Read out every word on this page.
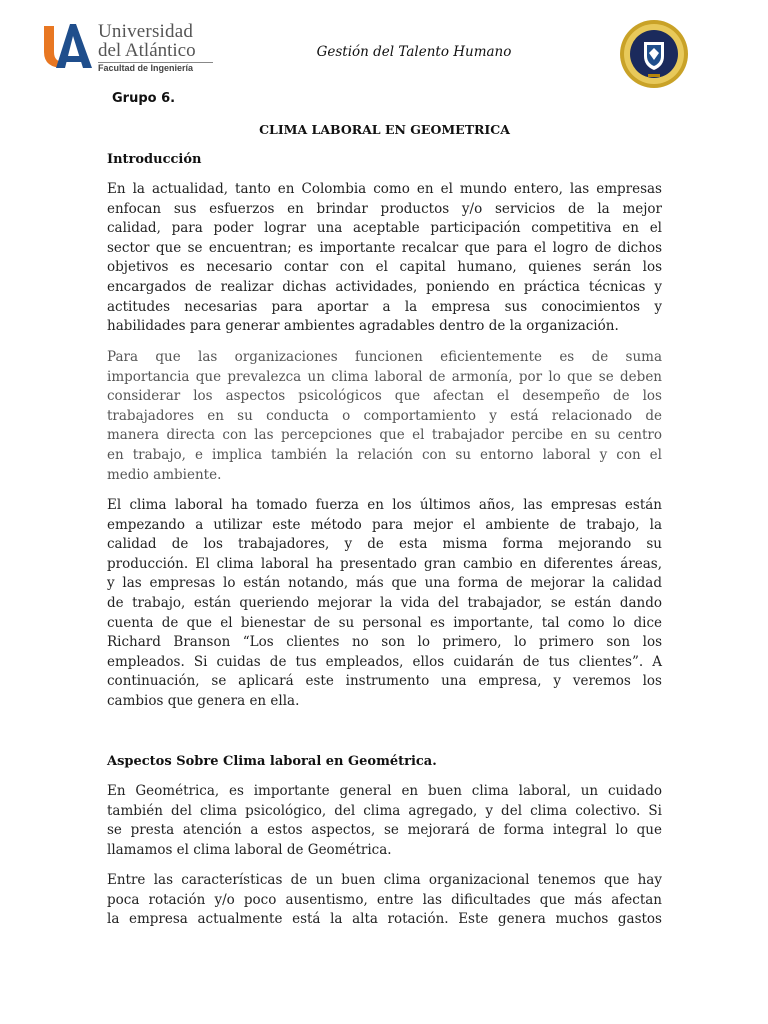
Universidad
del Atlántico
Facultad de Ingeniería
Gestión del Talento Humano
Grupo 6.
CLIMA LABORAL EN GEOMETRICA
Introducción
En la actualidad, tanto en Colombia como en el mundo entero, las empresas
enfocan sus esfuerzos en brindar productos y/o servicios de la mejor
calidad, para poder lograr una aceptable participación competitiva en el
sector que se encuentran; es importante recalcar que para el logro de dichos
objetivos es necesario contar con el capital humano, quienes serán los
encargados de realizar dichas actividades, poniendo en práctica técnicas y
actitudes necesarias para aportar a la empresa sus conocimientos y
habilidades para generar ambientes agradables dentro de la organización.
Para que las organizaciones funcionen eficientemente es de suma
importancia que prevalezca un clima laboral de armonía, por lo que se deben
considerar los aspectos psicológicos que afectan el desempeño de los
trabajadores en su conducta o comportamiento y está relacionado de
manera directa con las percepciones que el trabajador percibe en su centro
en trabajo, e implica también la relación con su entorno laboral y con el
medio ambiente.
El clima laboral ha tomado fuerza en los últimos años, las empresas están
empezando a utilizar este método para mejor el ambiente de trabajo, la
calidad de los trabajadores, y de esta misma forma mejorando su
producción. El clima laboral ha presentado gran cambio en diferentes áreas,
y las empresas lo están notando, más que una forma de mejorar la calidad
de trabajo, están queriendo mejorar la vida del trabajador, se están dando
cuenta de que el bienestar de su personal es importante, tal como lo dice
Richard Branson “Los clientes no son lo primero, lo primero son los
empleados. Si cuidas de tus empleados, ellos cuidarán de tus clientes”. A
continuación, se aplicará este instrumento una empresa, y veremos los
cambios que genera en ella.
Aspectos Sobre Clima laboral en Geométrica.
En Geométrica, es importante general en buen clima laboral, un cuidado
también del clima psicológico, del clima agregado, y del clima colectivo. Si
se presta atención a estos aspectos, se mejorará de forma integral lo que
llamamos el clima laboral de Geométrica.
Entre las características de un buen clima organizacional tenemos que hay
poca rotación y/o poco ausentismo, entre las dificultades que más afectan
la empresa actualmente está la alta rotación. Este genera muchos gastos
